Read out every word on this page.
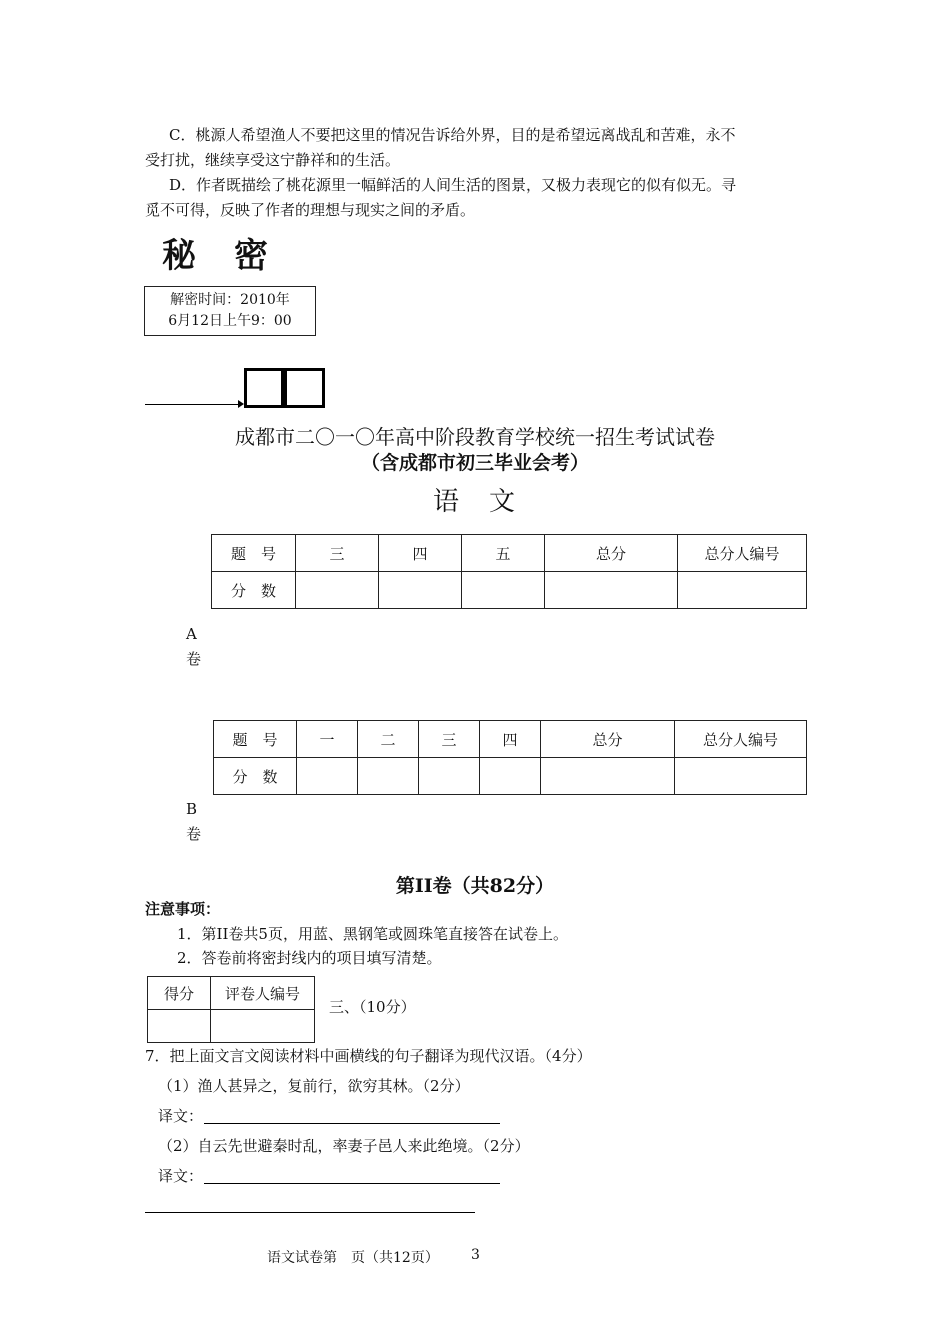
C．桃源人希望渔人不要把这里的情况告诉给外界，目的是希望远离战乱和苦难，永不
受打扰，继续享受这宁静祥和的生活。
D．作者既描绘了桃花源里一幅鲜活的人间生活的图景，又极力表现它的似有似无。寻
觅不可得，反映了作者的理想与现实之间的矛盾。
秘　密
解密时间：2010年
6月12日上午9：00
成都市二〇一〇年高中阶段教育学校统一招生考试试卷
（含成都市初三毕业会考）
语　文
题　号	三	四	五	总分	总分人编号
分　数					
A
卷
题　号	一	二	三	四	总分	总分人编号
分　数						
B
卷
第II卷（共82分）
注意事项：
1．第II卷共5页，用蓝、黑钢笔或圆珠笔直接答在试卷上。
2．答卷前将密封线内的项目填写清楚。
得分	评卷人编号

三、（10分）
7．把上面文言文阅读材料中画横线的句子翻译为现代汉语。（4分）
（1）渔人甚异之，复前行，欲穷其林。（2分）
译文：
（2）自云先世避秦时乱，率妻子邑人来此绝境。（2分）
译文：
语文试卷第　页（共12页） 3
